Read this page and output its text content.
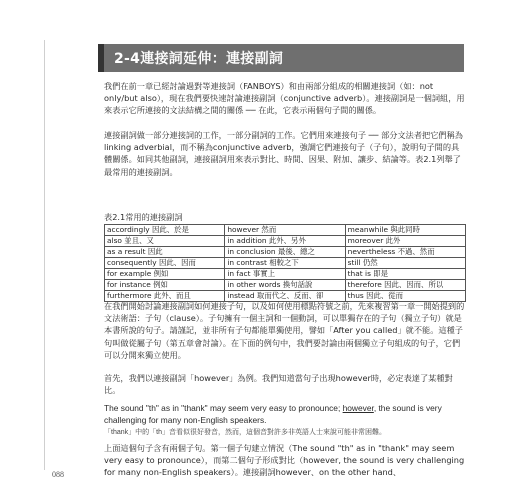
2-4連接詞延伸：連接副詞

我們在前一章已經討論過對等連接詞（FANBOYS）和由兩部分組成的相關連接詞（如：not only/but also），現在我們要快速討論連接副詞（conjunctive adverb）。連接副詞是一個詞組，用來表示它所連接的文法結構之間的關係 ── 在此，它表示兩個句子間的關係。

連接副詞做一部分連接詞的工作，一部分副詞的工作。它們用來連接句子 ── 部分文法者把它們稱為linking adverbial，而不稱為conjunctive adverb，強調它們連接句子（子句），說明句子間的具體關係。如同其他副詞，連接副詞用來表示對比、時間、因果、附加、讓步、結論等。表2.1列舉了最常用的連接副詞。

表2.1常用的連接副詞
accordingly 因此、於是	however 然而	meanwhile 與此同時
also 並且、又	in addition 此外、另外	moreover 此外
as a result 因此	in conclusion 最後、總之	nevertheless 不過、然而
consequently 因此、因而	in contrast 相較之下	still 仍然
for example 例如	in fact 事實上	that is 即是
for instance 例如	in other words 換句話說	therefore 因此、因而、所以
furthermore 此外、而且	instead 取而代之、反而、卻	thus 因此、從而

在我們開始討論連接副詞如何連接子句，以及如何使用標點符號之前，先來複習第一章一開始提到的文法術語：子句（clause）。子句擁有一個主詞和一個動詞，可以單獨存在的子句（獨立子句）就是本書所說的句子。請謹記，並非所有子句都能單獨使用，譬如「After you called」就不能。這種子句叫做從屬子句（第五章會討論）。在下面的例句中，我們要討論由兩個獨立子句組成的句子，它們可以分開來獨立使用。

首先，我們以連接副詞「however」為例。我們知道當句子出現however時，必定表達了某種對比。

The sound "th" as in "thank" may seem very easy to pronounce; however, the sound is very challenging for many non-English speakers.
「thank」中的「th」音看似很好發音，然而，這個音對許多非英語人士來說可能非常困難。

上面這個句子含有兩個子句。第一個子句建立情況（The sound "th" as in "thank" may seem very easy to pronounce），而第二個句子形成對比（however, the sound is very challenging for many non-English speakers）。連接副詞however、on the other hand、

088
